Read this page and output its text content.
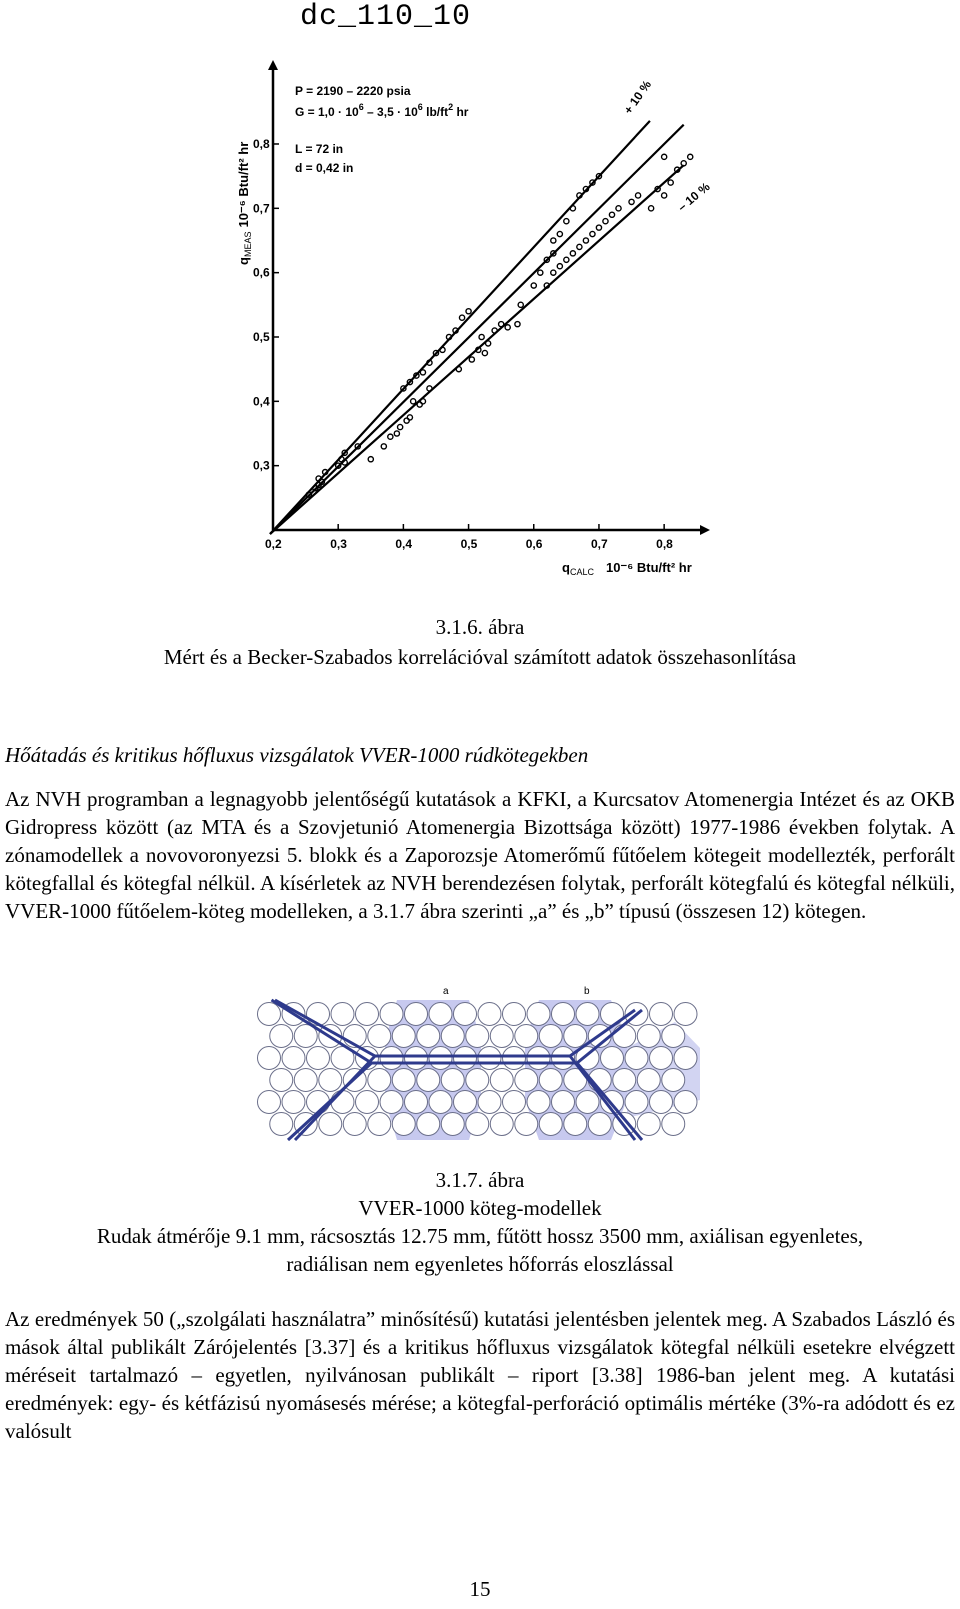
dc_110_10
0,2	0,3	0,4	0,5	0,6	0,7	0,8
0,3
0,4
0,5
0,6
0,7
0,8
P = 2190 – 2220 psia
$G = 1,0 \cdot 10^6 - 3,5 \cdot 10^6$ $lb/ft^2$ hr
L = 72 in
d = 0,42 in
+ 10 %
– 10 %
$q_{MEAS}10^{-6}$ Btu/ft² hr
$q_{CALC}$ 10⁻⁶ Btu/ft² hr
3.1.6. ábra
Mért és a Becker-Szabados korrelációval számított adatok összehasonlítása
Hőátadás és kritikus hőfluxus vizsgálatok VVER-1000 rúdkötegekben

Az NVH programban a legnagyobb jelentőségű kutatások a KFKI, a Kurcsatov Atomenergia Intézet és az OKB Gidropress között (az MTA és a Szovjetunió Atomenergia Bizottsága között) 1977-1986 években folytak. A zónamodellek a novovoronyezsi 5. blokk és a Zaporozsje Atomerőmű fűtőelem kötegeit modellezték, perforált kötegfallal és kötegfal nélkül. A kísérletek az NVH berendezésen folytak, perforált kötegfalú és kötegfal nélküli, VVER-1000 fűtőelem-köteg modelleken, a 3.1.7 ábra szerinti „a” és „b” típusú (összesen 12) kötegen.

a	b
3.1.7. ábra
VVER-1000 köteg-modellek
Rudak átmérője 9.1 mm, rácsosztás 12.75 mm, fűtött hossz 3500 mm, axiálisan egyenletes,
radiálisan nem egyenletes hőforrás eloszlással

Az eredmények 50 („szolgálati használatra” minősítésű) kutatási jelentésben jelentek meg. A Szabados László és mások által publikált Zárójelentés [3.37] és a kritikus hőfluxus vizsgálatok kötegfal nélküli esetekre elvégzett méréseit tartalmazó – egyetlen, nyilvánosan publikált – riport [3.38] 1986-ban jelent meg. A kutatási eredmények: egy- és kétfázisú nyomásesés mérése; a kötegfal-perforáció optimális mértéke (3%-ra adódott és ez valósult

15
